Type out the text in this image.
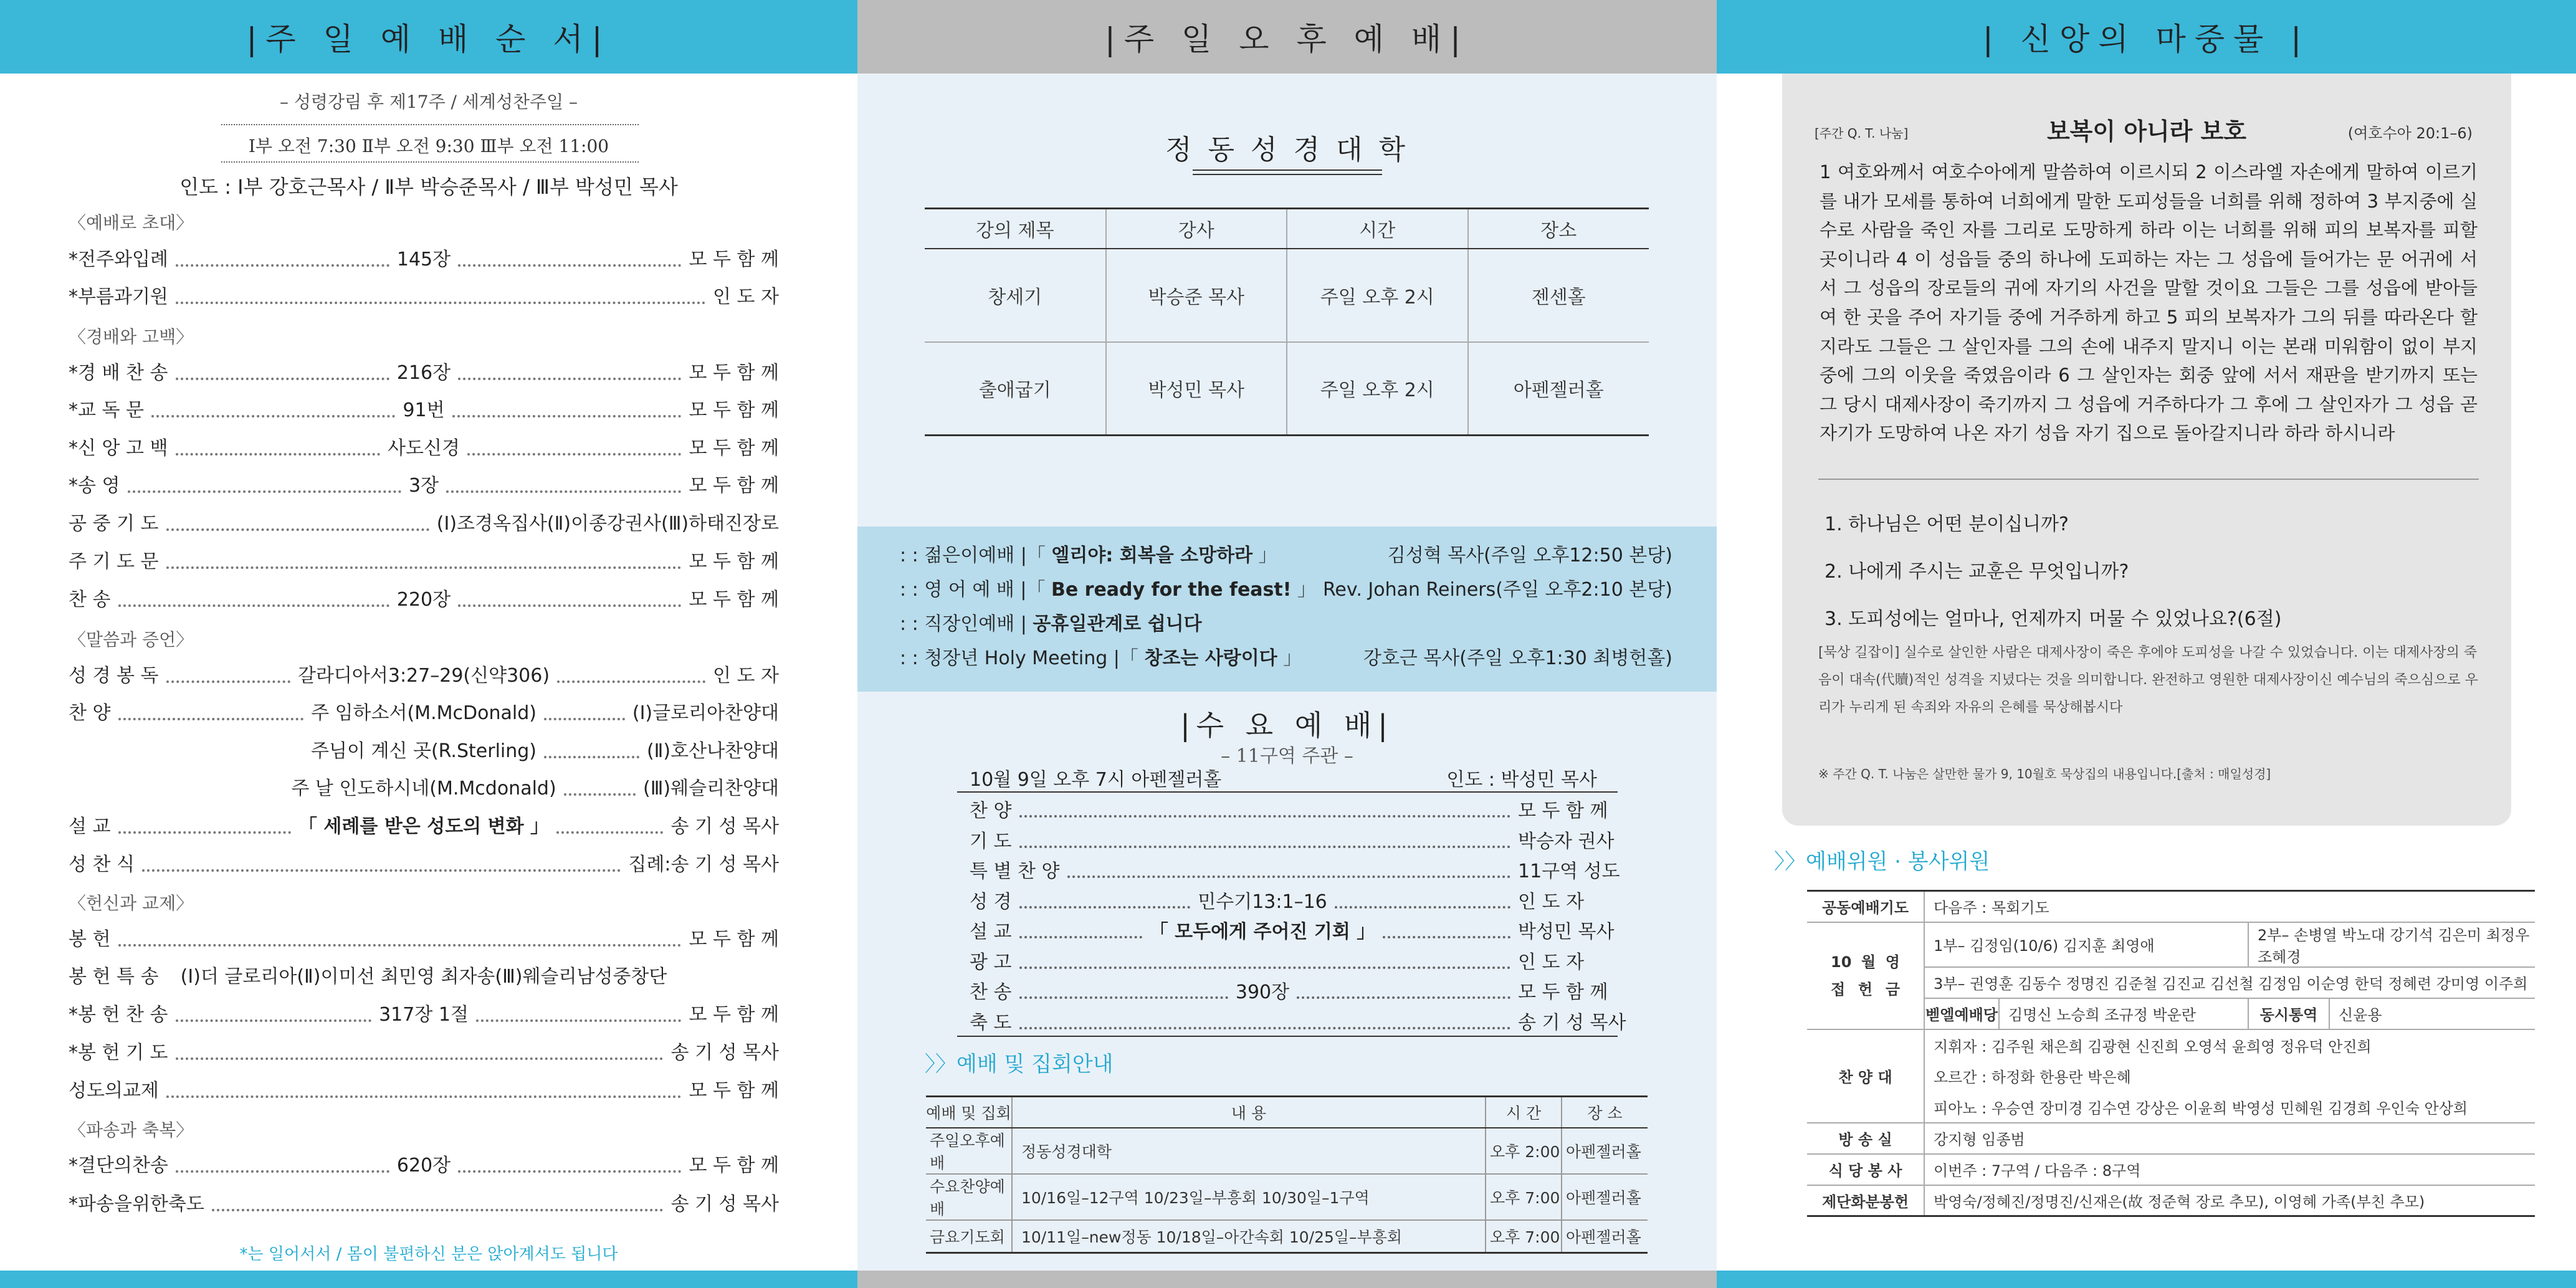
|주 일 예 배 순 서|
– 성령강림 후 제17주 / 세계성찬주일 –
Ⅰ부 오전 7:30 Ⅱ부 오전 9:30 Ⅲ부 오전 11:00
인도 : Ⅰ부 강호근목사 / Ⅱ부 박승준목사 / Ⅲ부 박성민 목사
〈예배로 초대〉
〈경배와 고백〉
〈말씀과 증언〉
〈헌신과 교제〉
〈파송과 축복〉
*전주와입례	145장	모 두 함 께
*부름과기원	인 도 자
*경 배 찬 송	216장	모 두 함 께
*교 독 문	91번	모 두 함 께
*신 앙 고 백	사도신경	모 두 함 께
*송 영	3장	모 두 함 께
공 중 기 도	(Ⅰ)조경옥집사(Ⅱ)이종강권사(Ⅲ)하태진장로
주 기 도 문	모 두 함 께
찬 송	220장	모 두 함 께
성 경 봉 독	갈라디아서3:27–29(신약306)	인 도 자
찬 양	주 임하소서(M.McDonald)	(Ⅰ)글로리아찬양대
주님이 계신 곳(R.Sterling)	(Ⅱ)호산나찬양대
주 날 인도하시네(M.Mcdonald)	(Ⅲ)웨슬리찬양대
설 교	「 세례를 받은 성도의 변화 」	송 기 성 목사
성 찬 식	집례:송 기 성 목사
봉 헌	모 두 함 께
봉 헌 특 송 (Ⅰ)더 글로리아(Ⅱ)이미선 최민영 최자송(Ⅲ)웨슬리남성중창단
*봉 헌 찬 송	317장 1절	모 두 함 께
*봉 헌 기 도	송 기 성 목사
성도의교제	모 두 함 께
*결단의찬송	620장	모 두 함 께
*파송을위한축도	송 기 성 목사
*는 일어서서 / 몸이 불편하신 분은 앉아계셔도 됩니다
|주 일 오 후 예 배|
정 동 성 경 대 학
강의 제목	강사	시간	장소
창세기	박승준 목사	주일 오후 2시	젠센홀
출애굽기	박성민 목사	주일 오후 2시	아펜젤러홀
: : 젊은이예배 |「 엘리야: 회복을 소망하라 」	김성혁 목사(주일 오후12:50 본당)
: : 영 어 예 배 |「 Be ready for the feast! 」 Rev. Johan Reiners(주일 오후2:10 본당)
: : 직장인예배 | 공휴일관계로 쉽니다
: : 청장년 Holy Meeting |「 창조는 사랑이다 」	강호근 목사(주일 오후1:30 최병헌홀)
|수 요 예 배|
– 11구역 주관 –
10월 9일 오후 7시 아펜젤러홀	인도 : 박성민 목사
찬 양	모 두 함 께
기 도	박승자 권사
특 별 찬 양	11구역 성도
성 경	민수기13:1–16	인 도 자
설 교	「 모두에게 주어진 기회 」	박성민 목사
광 고	인 도 자
찬 송	390장	모 두 함 께
축 도	송 기 성 목사
〉〉예배 및 집회안내
예배 및 집회	내 용	시 간	장 소
주일오후예배	정동성경대학	오후 2:00	아펜젤러홀
수요찬양예배	10/16일–12구역 10/23일–부흥회 10/30일–1구역	오후 7:00	아펜젤러홀
금요기도회	10/11일–new정동 10/18일–아간속회 10/25일–부흥회	오후 7:00	아펜젤러홀
| 신앙의 마중물 |
[주간 Q. T. 나눔]	보복이 아니라 보호	(여호수아 20:1–6)
1 여호와께서 여호수아에게 말씀하여 이르시되 2 이스라엘 자손에게 말하여 이르기를 내가 모세를 통하여 너희에게 말한 도피성들을 너희를 위해 정하여 3 부지중에 실수로 사람을 죽인 자를 그리로 도망하게 하라 이는 너희를 위해 피의 보복자를 피할 곳이니라 4 이 성읍들 중의 하나에 도피하는 자는 그 성읍에 들어가는 문 어귀에 서서 그 성읍의 장로들의 귀에 자기의 사건을 말할 것이요 그들은 그를 성읍에 받아들여 한 곳을 주어 자기들 중에 거주하게 하고 5 피의 보복자가 그의 뒤를 따라온다 할지라도 그들은 그 살인자를 그의 손에 내주지 말지니 이는 본래 미워함이 없이 부지중에 그의 이웃을 죽였음이라 6 그 살인자는 회중 앞에 서서 재판을 받기까지 또는 그 당시 대제사장이 죽기까지 그 성읍에 거주하다가 그 후에 그 살인자가 그 성읍 곧 자기가 도망하여 나온 자기 성읍 자기 집으로 돌아갈지니라 하라 하시니라
1. 하나님은 어떤 분이십니까?
2. 나에게 주시는 교훈은 무엇입니까?
3. 도피성에는 얼마나, 언제까지 머물 수 있었나요?(6절)
[묵상 길잡이] 실수로 살인한 사람은 대제사장이 죽은 후에야 도피성을 나갈 수 있었습니다. 이는 대제사장의 죽음이 대속(代贖)적인 성격을 지녔다는 것을 의미합니다. 완전하고 영원한 대제사장이신 예수님의 죽으심으로 우리가 누리게 된 속죄와 자유의 은혜를 묵상해봅시다
※ 주간 Q. T. 나눔은 살만한 물가 9, 10월호 묵상집의 내용입니다.[출처 : 매일성경]
〉〉예배위원 · 봉사위원
공동예배기도	다음주 : 목회기도			
10 월 영 접 헌 금	1부– 김정임(10/6) 김지훈 최영애		2부– 손병열 박노대 강기석 김은미 최정우 조혜경	
	3부– 권영훈 김동수 정명진 김준철 김진교 김선철 김정임 이순영 한덕 정혜련 강미영 이주희			
	벧엘예배당	김명신 노승희 조규정 박운란	동시통역	신윤용
찬 양 대	지휘자 : 김주원 채은희 김광현 신진희 오영석 윤희영 정유덕 안진희			
	오르간 : 하정화 한용란 박은혜			
	피아노 : 우승연 장미경 김수연 강상은 이윤희 박영성 민혜원 김경희 우인숙 안상희			
방 송 실	강지형 임종범			
식 당 봉 사	이번주 : 7구역 / 다음주 : 8구역			
제단화분봉헌	박영숙/정혜진/정명진/신재은(故 정준혁 장로 추모), 이영혜 가족(부친 추모)			
